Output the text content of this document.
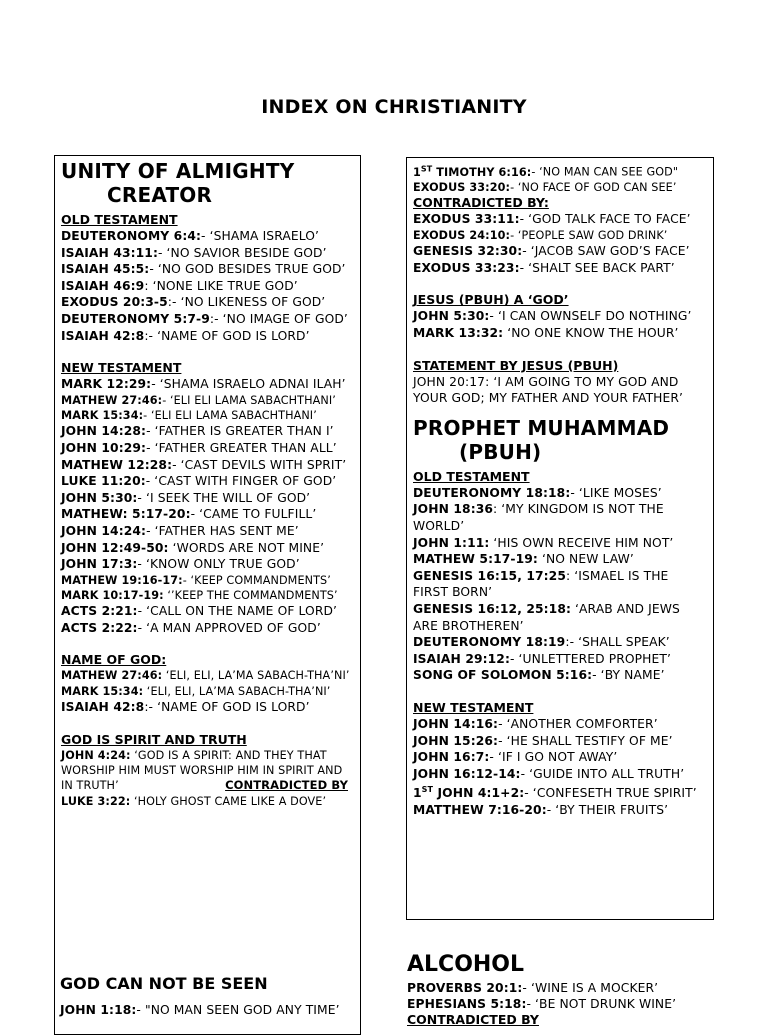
INDEX ON CHRISTIANITY

UNITY OF ALMIGHTY
CREATOR

OLD TESTAMENT

DEUTERONOMY 6:4:- ‘SHAMA ISRAELO’

ISAIAH 43:11:- ‘NO SAVIOR BESIDE GOD’

ISAIAH 45:5:- ‘NO GOD BESIDES TRUE GOD’

ISAIAH 46:9: ‘NONE LIKE TRUE GOD’

EXODUS 20:3-5:- ‘NO LIKENESS OF GOD’

DEUTERONOMY 5:7-9:- ‘NO IMAGE OF GOD’

ISAIAH 42:8:- ‘NAME OF GOD IS LORD’

NEW TESTAMENT

MARK 12:29:- ‘SHAMA ISRAELO ADNAI ILAH’

MATHEW 27:46:- ‘ELI ELI LAMA SABACHTHANI’

MARK 15:34:- ‘ELI ELI LAMA SABACHTHANI’

JOHN 14:28:- ‘FATHER IS GREATER THAN I’

JOHN 10:29:- ‘FATHER GREATER THAN ALL’

MATHEW 12:28:- ‘CAST DEVILS WITH SPRIT’

LUKE 11:20:- ‘CAST WITH FINGER OF GOD’

JOHN 5:30:- ‘I SEEK THE WILL OF GOD’

MATHEW: 5:17-20:- ‘CAME TO FULFILL’

JOHN 14:24:- ‘FATHER HAS SENT ME’

JOHN 12:49-50: ‘WORDS ARE NOT MINE’

JOHN 17:3:- ‘KNOW ONLY TRUE GOD’

MATHEW 19:16-17:- ‘KEEP COMMANDMENTS’

MARK 10:17-19: ‘’KEEP THE COMMANDMENTS’

ACTS 2:21:- ‘CALL ON THE NAME OF LORD’

ACTS 2:22:- ‘A MAN APPROVED OF GOD’

NAME OF GOD:

MATHEW 27:46: ‘ELI, ELI, LA’MA SABACH-THA’NI’

MARK 15:34: ‘ELI, ELI, LA’MA SABACH-THA’NI’

ISAIAH 42:8:- ‘NAME OF GOD IS LORD’

GOD IS SPIRIT AND TRUTH

JOHN 4:24: ‘GOD IS A SPIRIT: AND THEY THAT WORSHIP HIM MUST WORSHIP HIM IN SPIRIT AND IN TRUTH’	CONTRADICTED BY

LUKE 3:22: ‘HOLY GHOST CAME LIKE A DOVE’

GOD CAN NOT BE SEEN

JOHN 1:18:- "NO MAN SEEN GOD ANY TIME’

1ST TIMOTHY 6:16:- ‘NO MAN CAN SEE GOD"

EXODUS 33:20:- ‘NO FACE OF GOD CAN SEE’

CONTRADICTED BY:

EXODUS 33:11:- ‘GOD TALK FACE TO FACE’

EXODUS 24:10:- ‘PEOPLE SAW GOD DRINK’

GENESIS 32:30:- ‘JACOB SAW GOD’S FACE’

EXODUS 33:23:- ‘SHALT SEE BACK PART’

JESUS (PBUH) A ‘GOD’

JOHN 5:30:- ‘I CAN OWNSELF DO NOTHING’

MARK 13:32: ‘NO ONE KNOW THE HOUR’

STATEMENT BY JESUS (PBUH)

JOHN 20:17: ‘I AM GOING TO MY GOD AND YOUR GOD; MY FATHER AND YOUR FATHER’

PROPHET MUHAMMAD
(PBUH)

OLD TESTAMENT

DEUTERONOMY 18:18:- ‘LIKE MOSES’

JOHN 18:36: ‘MY KINGDOM IS NOT THE WORLD’

JOHN 1:11: ‘HIS OWN RECEIVE HIM NOT’

MATHEW 5:17-19: ‘NO NEW LAW’

GENESIS 16:15, 17:25: ‘ISMAEL IS THE FIRST BORN’

GENESIS 16:12, 25:18: ‘ARAB AND JEWS ARE BROTHEREN’

DEUTERONOMY 18:19:- ‘SHALL SPEAK’

ISAIAH 29:12:- ‘UNLETTERED PROPHET’

SONG OF SOLOMON 5:16:- ‘BY NAME’

NEW TESTAMENT

JOHN 14:16:- ‘ANOTHER COMFORTER’

JOHN 15:26:- ‘HE SHALL TESTIFY OF ME’

JOHN 16:7:- ‘IF I GO NOT AWAY’

JOHN 16:12-14:- ‘GUIDE INTO ALL TRUTH’

1ST JOHN 4:1+2:- ‘CONFESETH TRUE SPIRIT’

MATTHEW 7:16-20:- ‘BY THEIR FRUITS’

ALCOHOL

PROVERBS 20:1:- ‘WINE IS A MOCKER’

EPHESIANS 5:18:- ‘BE NOT DRUNK WINE’

CONTRADICTED BY
